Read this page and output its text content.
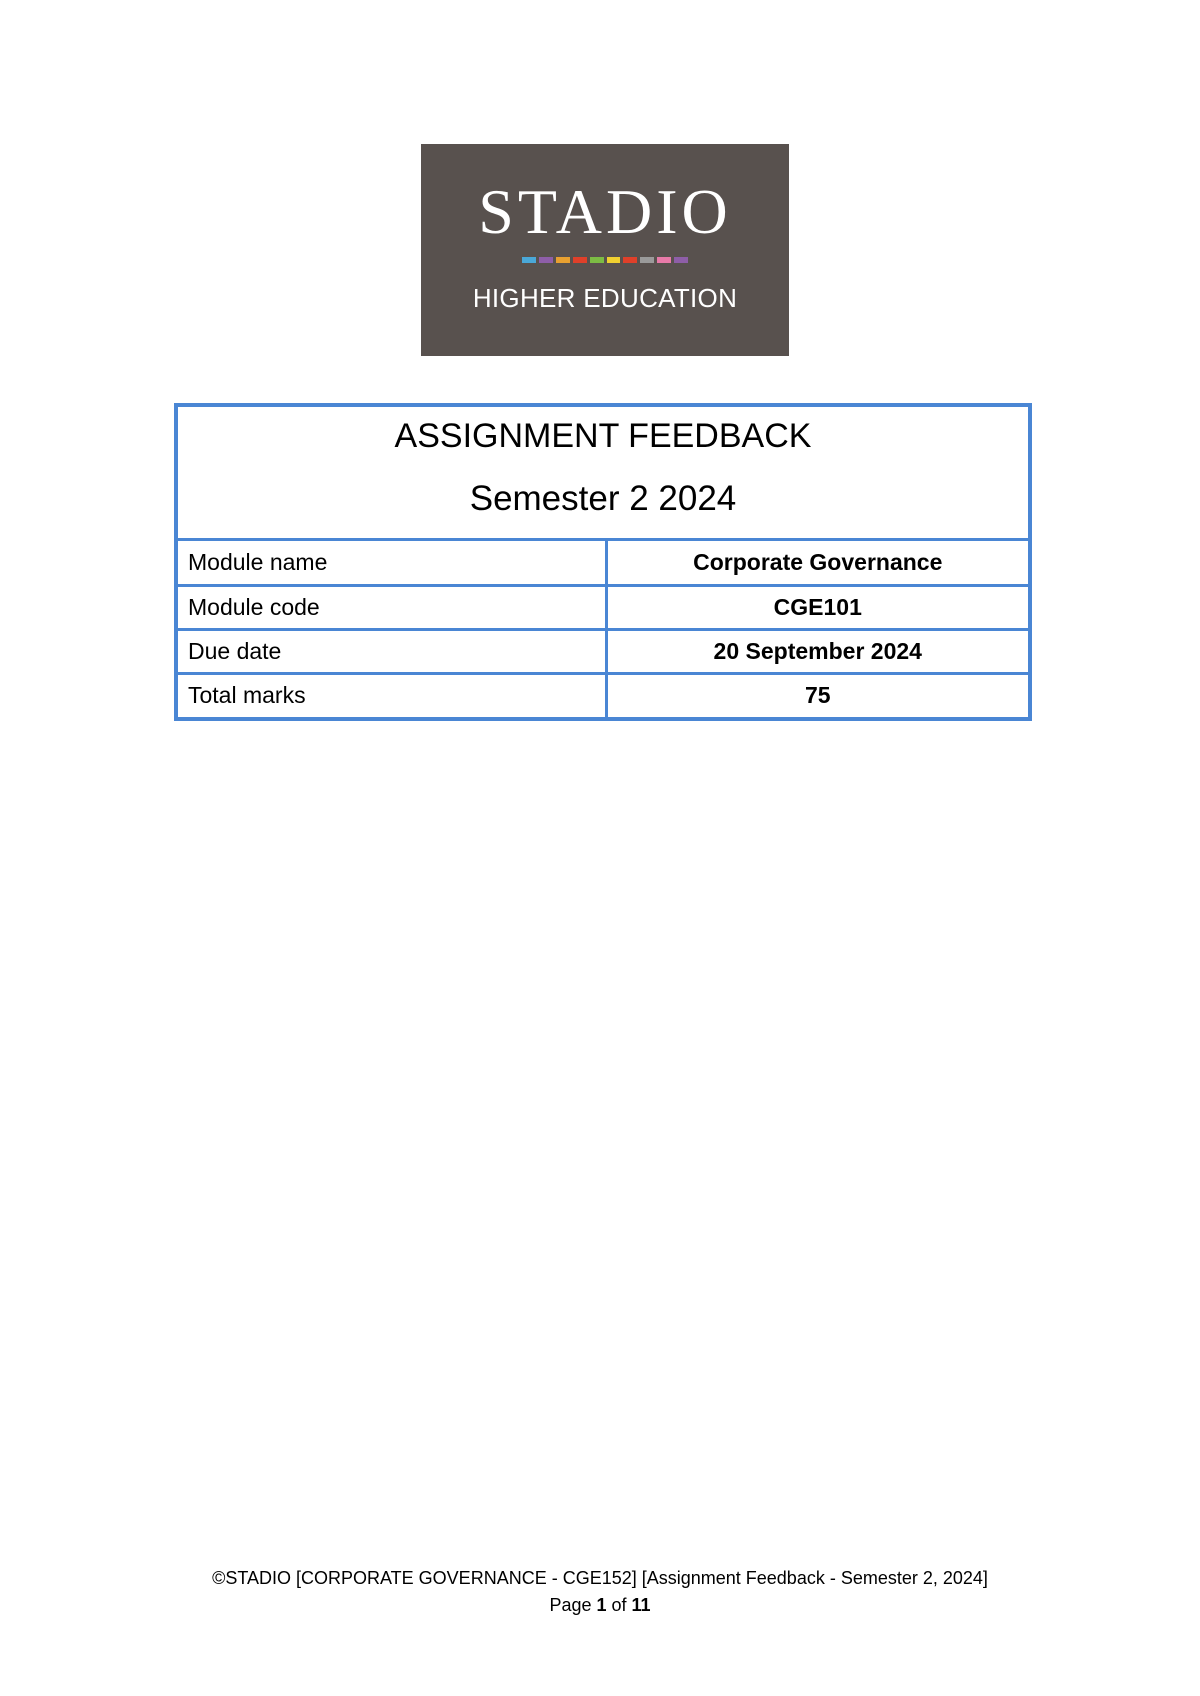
STADIO
HIGHER EDUCATION
ASSIGNMENT FEEDBACK
Semester 2 2024
Module name	Corporate Governance
Module code	CGE101
Due date	20 September 2024
Total marks	75
©STADIO [CORPORATE GOVERNANCE - CGE152] [Assignment Feedback - Semester 2, 2024]
Page 1 of 11
